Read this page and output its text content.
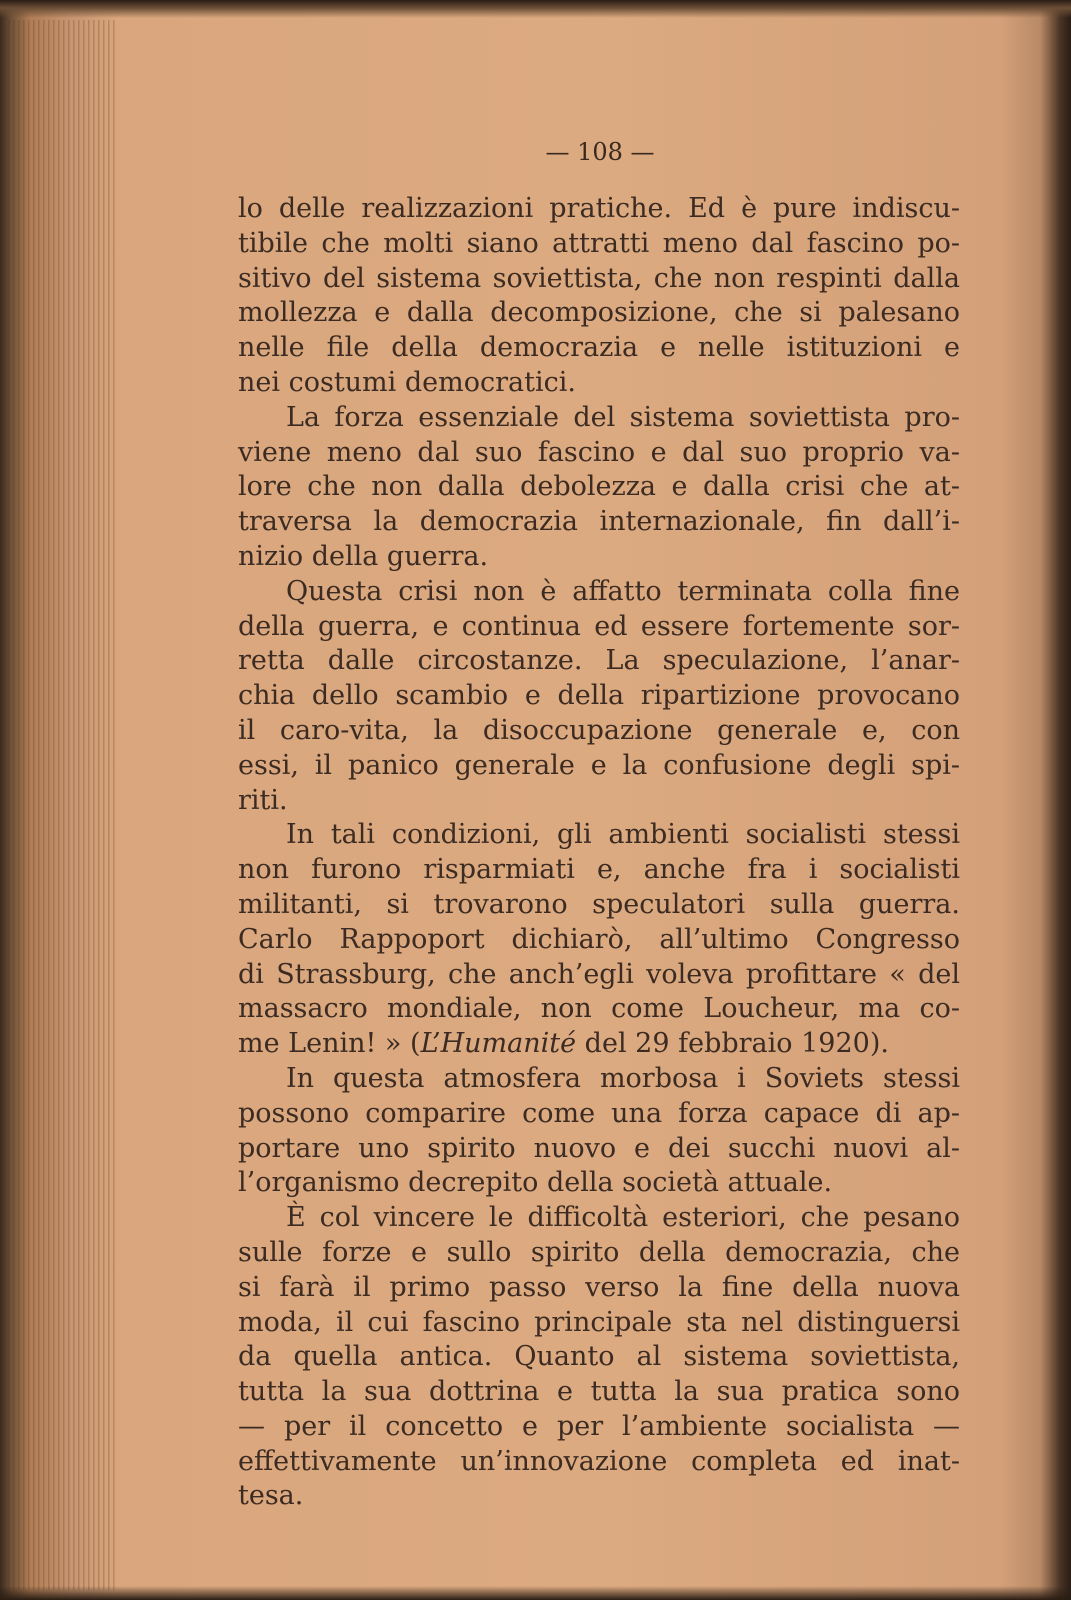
— 108 —
lo delle realizzazioni pratiche. Ed è pure indiscu-
tibile che molti siano attratti meno dal fascino po-
sitivo del sistema soviettista, che non respinti dalla
mollezza e dalla decomposizione, che si palesano
nelle file della democrazia e nelle istituzioni e
nei costumi democratici.
La forza essenziale del sistema soviettista pro-
viene meno dal suo fascino e dal suo proprio va-
lore che non dalla debolezza e dalla crisi che at-
traversa la democrazia internazionale, fin dall’i-
nizio della guerra.
Questa crisi non è affatto terminata colla fine
della guerra, e continua ed essere fortemente sor-
retta dalle circostanze. La speculazione, l’anar-
chia dello scambio e della ripartizione provocano
il caro-vita, la disoccupazione generale e, con
essi, il panico generale e la confusione degli spi-
riti.
In tali condizioni, gli ambienti socialisti stessi
non furono risparmiati e, anche fra i socialisti
militanti, si trovarono speculatori sulla guerra.
Carlo Rappoport dichiarò, all’ultimo Congresso
di Strassburg, che anch’egli voleva profittare « del
massacro mondiale, non come Loucheur, ma co-
me Lenin! » (L’Humanité del 29 febbraio 1920).
In questa atmosfera morbosa i Soviets stessi
possono comparire come una forza capace di ap-
portare uno spirito nuovo e dei succhi nuovi al-
l’organismo decrepito della società attuale.
È col vincere le difficoltà esteriori, che pesano
sulle forze e sullo spirito della democrazia, che
si farà il primo passo verso la fine della nuova
moda, il cui fascino principale sta nel distinguersi
da quella antica. Quanto al sistema soviettista,
tutta la sua dottrina e tutta la sua pratica sono
— per il concetto e per l’ambiente socialista —
effettivamente un’innovazione completa ed inat-
tesa.
